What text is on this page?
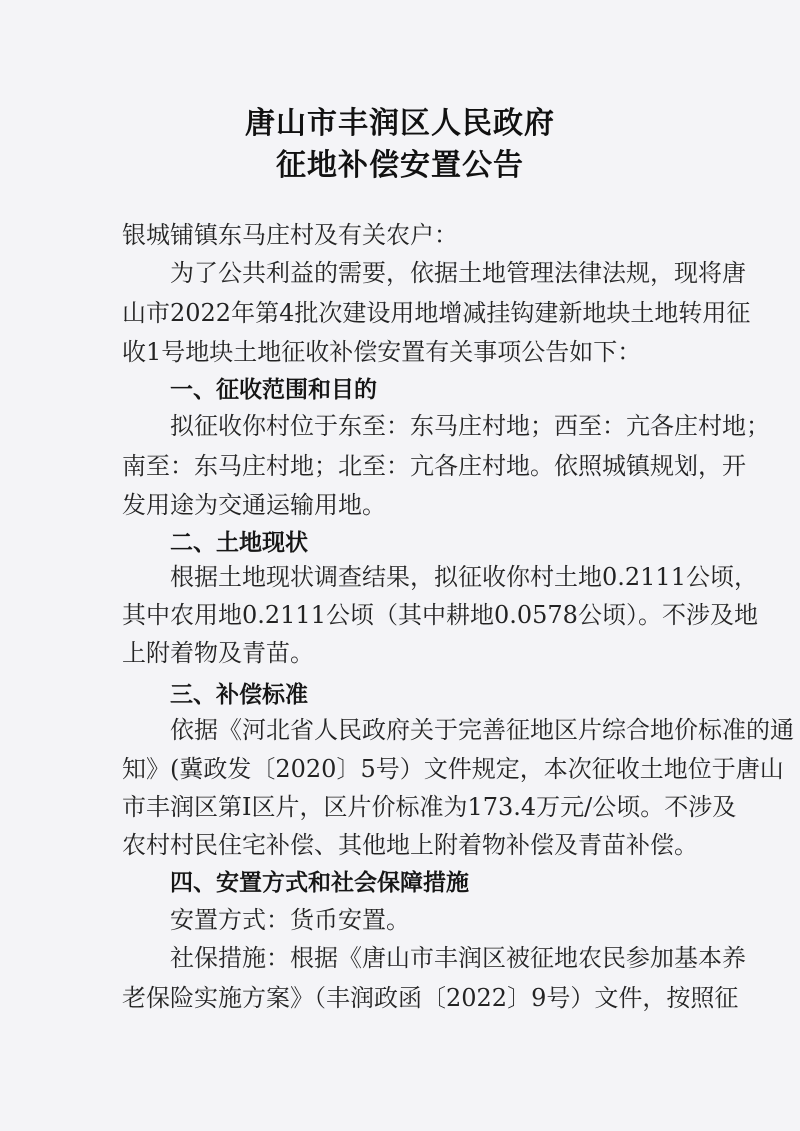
唐山市丰润区人民政府
征地补偿安置公告
银城铺镇东马庄村及有关农户：
为了公共利益的需要，依据土地管理法律法规，现将唐
山市2022年第4批次建设用地增减挂钩建新地块土地转用征
收1号地块土地征收补偿安置有关事项公告如下：
一、征收范围和目的
拟征收你村位于东至：东马庄村地；西至：亢各庄村地；
南至：东马庄村地；北至：亢各庄村地。依照城镇规划，开
发用途为交通运输用地。
二、土地现状
根据土地现状调查结果，拟征收你村土地0.2111公顷，
其中农用地0.2111公顷（其中耕地0.0578公顷）。不涉及地
上附着物及青苗。
三、补偿标准
依据《河北省人民政府关于完善征地区片综合地价标准的通
知》(冀政发〔2020〕5号）文件规定，本次征收土地位于唐山
市丰润区第Ⅰ区片，区片价标准为173.4万元/公顷。不涉及
农村村民住宅补偿、其他地上附着物补偿及青苗补偿。
四、安置方式和社会保障措施
安置方式：货币安置。
社保措施：根据《唐山市丰润区被征地农民参加基本养
老保险实施方案》（丰润政函〔2022〕9号）文件，按照征
